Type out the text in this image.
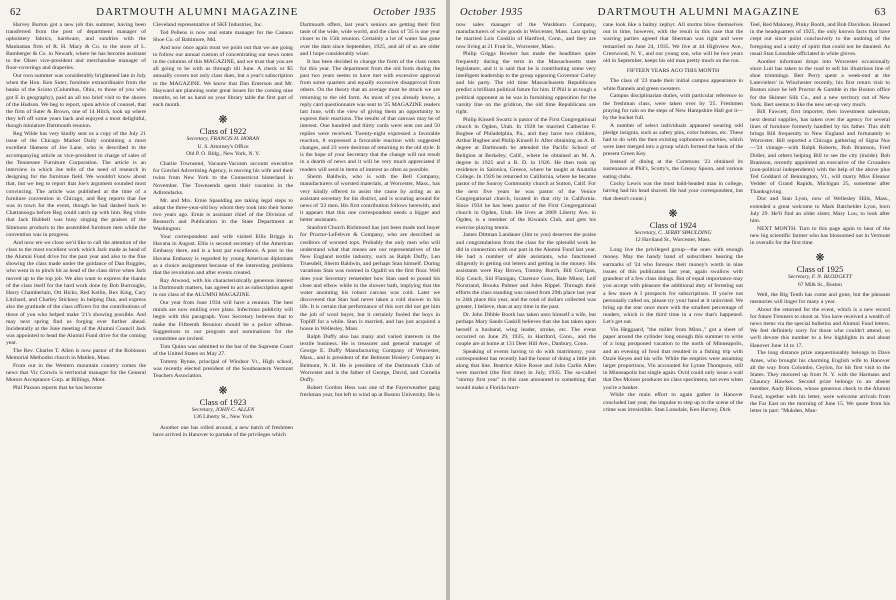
62	DARTMOUTH ALUMNI MAGAZINE	October 1935

Harvey Burton got a new job this summer, having been transferred from the post of department manager of upholstery fabrics, hardware, and sundries with the Manhattan firm of R. H. Macy & Co. to the store of L. Bamberger & Co. in Newark, where he has become assistant to the Olsen vice-president and merchandise manager of floor-coverings and draperies.

Our own summer was considerably brightened late in July when the Hon. Ken Suter, furniture extraordinaire from the banks of the Scioto (Columbus, Ohio, to those of you who got E in geography), paid an all too brief visit to the shores of the Hudson. We beg to report, upon advice of counsel, that the firm of Suter & Brown, one of 14 Hitch, took up where they left off some years back and enjoyed a most delightful, though miniature Dartmouth reunion.

Reg Wilde has very kindly sent us a copy of the July 21 issue of the Chicago Market Daily containing a most excellent likeness of Joe Lane, who is described in the accompanying article as vice-president in charge of sales of the Tennessee Furniture Corporation. The article is an interview in which Joe tells of the need of research in designing for the furniture field. We wouldn't know about that, but we beg to report that Joe's argument sounded most convincing. The article was published at the time of a furniture convention in Chicago, and Reg reports that Joe was in town for the event, though he had dashed back to Chattanooga before Reg could catch up with him. Reg visits that Jack Hubbell was busy singing the praises of the Simmons products to the assembled furniture men while the convention was in progress.

And now ere we close we'd like to call the attention of the class to the most excellent work which Jack made as head of the Alumni Fund drive for the past year and also to the fine showing the class made under the guidance of Dan Ruggles, who went in to pinch hit as head of the class drive when Jack moved up to the top job. We also want to express the thanks of the class itself for the hard work done by Bob Burroughs, Harry Chamberlain, Ott Hicks, Red Kellin, Rex King, Cary Litchard, and Charley Stickney in helping Dan, and express also the gratitude of the class officers for the contributions of those of you who helped make '21's showing possible. And may next spring find us forging ever further ahead. Incidentally at the June meeting of the Alumni Council Jack was appointed to head the Alumni Fund drive for the coming year.

The Rev. Charles T. Allen is now pastor of the Robinson Memorial Methodist church in Malden, Mass.

From out in the Western mountain country comes the news that Vic Corwin is territorial manager for the General Motors Acceptance Corp. at Billings, Mont.

Phil Paxson reports that he has become

Cleveland representative of SKF Industries, Inc.

Ted Pellens is now real estate manager for the Cannon Shoe Co. of Baltimore, Md.

And now once again must we point out that we are going to follow our annual custom of concentrating our news notes in the columns of this MAGAZINE, and we trust that you are all going to be with us through till June. A check or $5 annually covers not only class dues, but a year's subscription to the MAGAZINE. We know that Dan Emerson and Mr. Hayward are planning some great issues for the coming nine months, so let us hand on your library table the first part of each month.

❋
Class of 1922
Secretary, FRANCIS H. HORAN
U. S. Attorney's Office
Old P. O. Bldg., New York, N. Y.

Charlie Townsend, Vacuum-Vacuum account executive for Gotchel Advertising Agency, is moving his wife and their twins from New York to the Connecticut hinterland in November. The Townsends spent their vacation in the Adirondacks.

Mr. and Mrs. Ernie Spaulding are taking legal steps to adopt the three-year-old boy whom they took into their home two years ago. Ernie is assistant chief of the Division of Research and Publication in the State Department at Washington.

Your correspondent and wife visited Ellis Briggs in Havana in August. Ellis is second secretary of the American Embassy there, and is a host par excellence. A post in the Havana Embassy is regarded by young American diplomats as a choice assignment because of the interesting problems that the revolution and after events created.

Ray Atwood, with his characteristically generous interest in Dartmouth matters, has agreed to act as subscription agent in our class of the ALUMNI MAGAZINE.

Our year from June 1934 will have a reunion. The best minds are now mulling over plans. Infectious publicity will begin with this paragraph. Your Secretary believes that to make the Fifteenth Reunion should be a police offense. Suggestions to our program and nominations for the committee are invited.

Tom Quinn was admitted to the bar of the Supreme Court of the United States on May 27.

Tommy Rynne, principal of Windsor Vt., High school, was recently elected president of the Southeastern Vermont Teachers Association.

❋
Class of 1923
Secretary, JOHN C. ALLEN
136 Liberty St., New York

Another one has rolled around, a new batch of freshmen have arrived in Hanover to partake of the privileges which

Dartmouth offers, last year's seniors are getting their first taste of the wide, wide world, and the class of '35 is one year closer to its 15th reunion. Certainly a lot of water has gone over the dam since September, 1925, and all of us are older and I hope considerably wiser.

It has been decided to change the form of the class notes for this year. The department from the old form during the past two years seems to have met with excessive approval from some quarters and equally excessive disapproval from others. On the theory that an average must be struck we are returning to the old form. As most of you already know, a reply card questionnaire was sent to '25 MAGAZINE readers last June, with the view of giving them an opportunity to express their reactions. The results of that canvass may be of interest. One hundred and thirty cards were sent out and 50 replies were received. Twenty-eight expressed a favorable reaction, 8 expressed a favorable reaction with suggested changes, and 23 were desirous of returning to the old style. It is the hope of your Secretary that the change will not result in a dearth of news and it will be very much appreciated if readers will send in items of interest as often as possible.

Sherm Baldwin, who is with the Bell Company, manufacturers of worsted materials, at Worcester, Mass., has very kindly offered to assist the cause by acting as an assistant secretary for his district, and is scouting around for news of '23 men. His first contribution follows herewith, and it appears that this one correspondent needs a bigger and better assistants.

Stanford Church Richmond has just been made tool buyer for Proctor-LeFebvre & Company, who are described as creditors of worsted tops. Probably the only men who will understand what that means are our representatives of the New England textile industry, such as Ralph Duffy, Len Truesdell, Sherm Baldwin, and perhaps Stan himself. During vacations Stan was roomed in Ogallil on the first floor. Well does your Secretary remember how Stan used to pound his close and elbow while in the shower bath, implying that the water anointing his robust carcass was cold. Later we discovered that Stan had never taken a cold shower in his life. It is certain that performance of this sort did not get him the job of wool buyer, but it certainly fooled the boys in Topliff for a while. Stan is married, and has just acquired a house in Wellesley, Mass.

Ralph Duffy also has many and varied interests in the textile business. He is treasurer and general manager of George E. Duffy Manufacturing Company of Worcester, Mass., and is president of the Belmont Hosiery Company in Belmont, N. H. He is president of the Dartmouth Club of Worcester and is the father of George, David, and Cornelia Duffy.

Robert Gordon Hess was one of the Fayerweather gang freshman year, but left to wind up at Boston University. He is

October 1935	DARTMOUTH ALUMNI MAGAZINE	63

now sales manager of the Washburn Company, manufacturers of wire goods in Worcester, Mass. Last spring he married Lois Conklin of Hartford, Conn., and they are now living at 21 Fruit St., Worcester, Mass.

Philip Griggs Bowker has made the headlines quite frequently during the term in the Massachusetts state legislature, and it is said that he is contributing some very intelligent leadership to the group opposing Governor Curley and his party. The old time Massachusetts Republicans predict a brilliant political future for him. If Phil is as tough a political opponent as he was in furnishing opposition for the varsity line on the gridiron, the old time Republicans are right.

Philip Kinsell Swartz is pastor of the First Congregational church in Ogden, Utah. In 1928 he married Catherine F. Bugbee of Philadelphia, Pa., and they have two children, Arthur Bugbee and Philip Kinsell Jr. After obtaining an A. B. degree at Dartmouth he attended the Pacific School of Religion at Berkeley, Calif., where he obtained an M. A. degree in 1925 and a B. D. in 1926. He then took up residence in Salonica, Greece, where he taught at Anatolia College. In 1926 he returned to California, where he became pastor of the Sunroy Community church at Sutton, Calif. For the next five years he was pastor of the Venice Congregational church, located in that city in California. Since 1934 he has been pastor of the First Congregational church in Ogden, Utah. He lives at 2869 Liberty Ave. in Ogden, is a member of the Kiwanis Club, and gets his exercise playing tennis.

James Dittman Landauer (Jim to you) deserves the praise and congratulations from the class for the splendid work he did in connection with our part in the Alumni Fund last year. He had a number of able assistants, who functioned diligently in getting out letters and getting in the money. His assistants were Ray Brown, Tommy Burch, Bill Corrigan, Kip Couch, Sid Flanigan, Clarence Goss, Bale Minor, Leif Norstrand, Brooks Palmer and Jules Rippel. Through their efforts the class standing was raised from 29th place last year to 24th place this year, and the total of dollars collected was greater, I believe, than at any time in the past.

Dr. John Dibble Booth has taken unto himself a wife, but perhaps Mary Sands Gaskill believes that she has taken upon herself a husband, wing leader, stroke, etc. The event occurred on June 29, 1935, in Hartford, Conn., and the couple are at home at 131 Deer Hill Ave., Danbury, Conn.

Speaking of events having to do with matrimony, your correspondent has recently had the honor of doing a little job along that line. Beatrice Alice Rosse and John Carlin Allen were married (the first time) in July, 1935. The so-called "stormy first year" in this case amounted to something that would make a Florida hurri-

cane look like a balmy zephyr. All storms blow themselves out in time, however, with the result in this case that the warring parties agreed that Sherman was right and were remarried on June 24, 1935. We live at 44 Highview Ave., Crestwood, N. Y., and our young son, who will be two years old in September, keeps his old man pretty much on the run.

FIFTEEN YEARS AGO THIS MONTH

The class of '23 made their initial campus appearance in white flannels and green sweaters.

Campus disciplinarian duties, with particular reference to the freshman class, were taken over by '25. Freshmen praying for rain on the steps of New Hampshire Hall got it—by the bucket full.

A number of select individuals appeared wearing odd pledge insignia, such as safety pins, color buttons, etc. These had to do with the then existing sophomore societies, which were later merged into a group which formed the basis of the present Green Key.

Instead of dining at the Commons '23 obtained its sustenance at Phil's, Scotty's, the Greasy Spoon, and various eating clubs.

Cocky Lewis was the most bald-headed man in college, having had his head shaved. He had your correspondent, but that doesn't count.)

❋
Class of 1924
Secretary, C. JERRY SPAULDING
12 Haviland St., Worcester, Mass.

Long live the privileged group—the ones with enough money. May the handy band of subscribers bearing the earmarks of '24 who foresaw their money's worth in nine issues of this publication last year, again swallow with grandeur of a few class doings. But of equal importance may you accept with pleasure the additional duty of ferreting out a few more A I prospects for subscriptions. If you're not personally called on, please try your hand at it uninvited. We bring up the rear once more with the smallest percentage of readers, which is the third time in a row that's happened. Let's get out.

Vin Heggaard, "the miller from Minn.," got a sheet of paper around the cylinder long enough this summer to write of a long postponed vacation to the north of Minneapolis, and an evening of food that resulted in a fishing trip with Ozzie Keyes and his wife. While the empties were assuming larger proportions, Vin accounted for Lynne Thompson, still in Minneapolis but single again. Ovid could only issue a wail that Des Moines produces no class specimens, not even when you're a banker.

While the main effort to again gather in Hanover concluded last year, the impulse to step up to the scene of the crime was irresistible. Stan Lonsdale, Ken Harvey, Dick

Teel, Red Maloney, Pinky Booth, and Bob Davidson. Housed in the headquarters of 1925, the only known facts that have crept out since point conclusively to the undoing of the foregoing and a unity of spirit that could not be daunted. As usual Stan Lonsdale officiated in white gloves.

Another informant drops into Worcester occasionally since Luit has taken to the road to sell his illustrious line of shoe trimmings. Bert Perry spent a week-end at the Lutevielers' in Winchester recently, his first return visit to Boston since he left Proctor & Gamble in the Boston office for the Skinner Silk Co., and a new territory out of New York. Bert seems to like the new set-up very much.

Bill Fawcett, first importer, then investment salesman, next dental supplies, has taken over the agency for several lines of furniture formerly handled by his father. This shift brings Bill frequently to New England and fortunately to Worcester. Bill reported a Chicago gathering of Signa Nus—'24 vintage—with Ralph Roberts, Bob Bramson, Fred Didier, and others helping Bill to see the city (inside). Bob Bramson, recently appointed an executive of the Crusaders (non-political independents) with the help of the above plus Ted Goddard of Bennington, Vt., will marry Miss Eleanor Vedder of Grand Rapids, Michigan 25, sometime after Thanksgiving.

Doc and Stan Lyon, now of Wellesley Hills, Mass., extended a great welcome to Mark Batchelder Lyon, born July 29. He'll find an older sister, Mary Lou, to look after him.

NEXT MONTH. Turn to this page again to hear of the new big scientific farmer who has blossomed out in Vermont in overalls for the first time.

❋
Class of 1925
Secretary, F. N. BLODGETT
67 Milk St., Boston

Well, the Big Tenth has come and gone, but the pleasant memories will linger for many a year.

About the returned for the event, which is a new record for future Trenners to shoot at. You have received a wealth of news items via the special bulletins and Alumni Fund letters. We feel definitely sorry for those who couldn't attend, so we'll devote this number to a few highlights in and about Hanover June 14 to 17.

The long distance prize unquestionably belongs to Dave Ames, who brought his charming English wife to Hanover all the way from Colombo, Ceylon, for his first visit to the States. They motored up from N. Y. with the Harmans and Chauncy Hawkes. Second prize belongs to an absent member, Andy Bloom, whose generous check to the Alumni Fund, together with his letter, were welcome arrivals from the Far East on the morning of June 15. We quote from his letter in part: "Mukden, Man-
